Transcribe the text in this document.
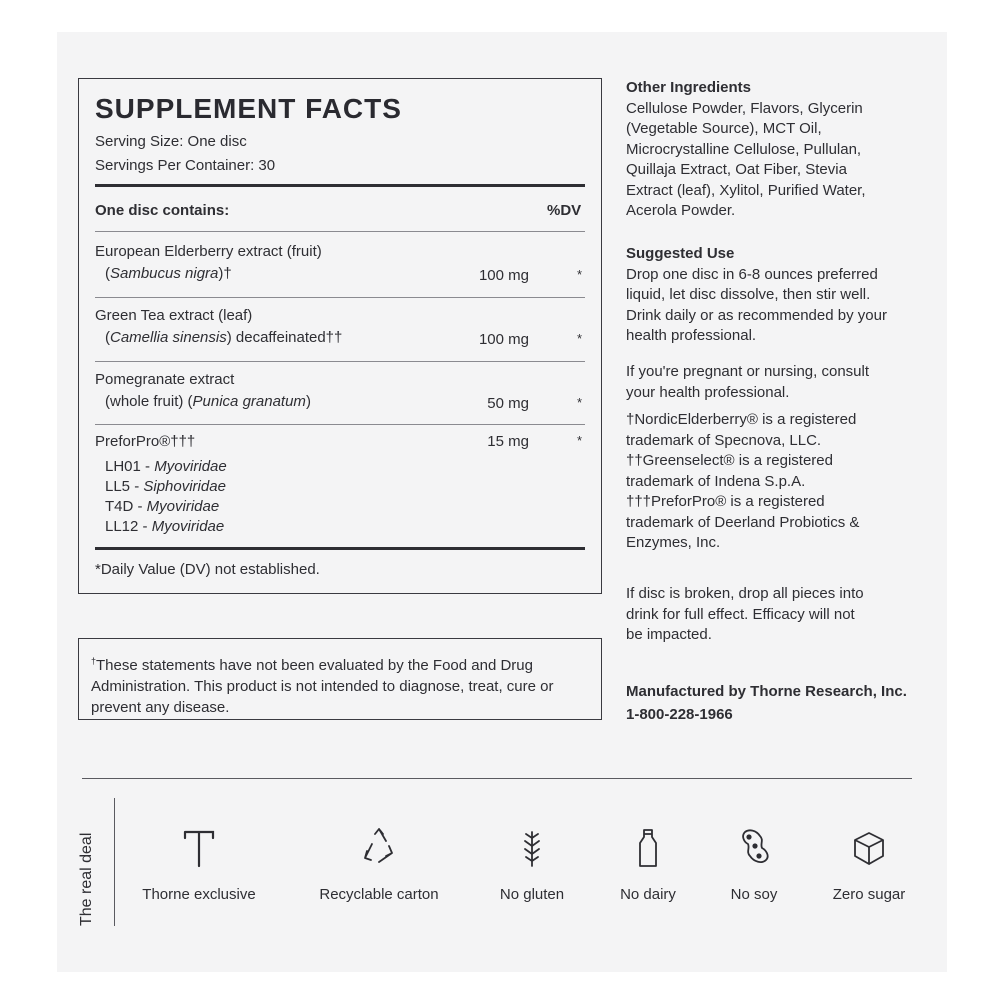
SUPPLEMENT FACTS
Serving Size: One disc
Servings Per Container: 30
One disc contains:	%DV
European Elderberry extract (fruit)
(Sambucus nigra)†	100 mg	*
Green Tea extract (leaf)
(Camellia sinensis) decaffeinated††	100 mg	*
Pomegranate extract
(whole fruit) (Punica granatum)	50 mg	*
PreforPro®†††	15 mg	*
LH01 - Myoviridae
LL5 - Siphoviridae
T4D - Myoviridae
LL12 - Myoviridae
*Daily Value (DV) not established.
†These statements have not been evaluated by the Food and Drug Administration. This product is not intended to diagnose, treat, cure or prevent any disease.
Other Ingredients
Cellulose Powder, Flavors, Glycerin
(Vegetable Source), MCT Oil,
Microcrystalline Cellulose, Pullulan,
Quillaja Extract, Oat Fiber, Stevia
Extract (leaf), Xylitol, Purified Water,
Acerola Powder.
Suggested Use
Drop one disc in 6-8 ounces preferred
liquid, let disc dissolve, then stir well.
Drink daily or as recommended by your
health professional.
If you're pregnant or nursing, consult
your health professional.
†NordicElderberry® is a registered
trademark of Specnova, LLC.
††Greenselect® is a registered
trademark of Indena S.p.A.
†††PreforPro® is a registered
trademark of Deerland Probiotics &
Enzymes, Inc.
If disc is broken, drop all pieces into
drink for full effect. Efficacy will not
be impacted.
Manufactured by Thorne Research, Inc.
1-800-228-1966
The real deal	Thorne exclusive	Recyclable carton	No gluten	No dairy	No soy	Zero sugar
